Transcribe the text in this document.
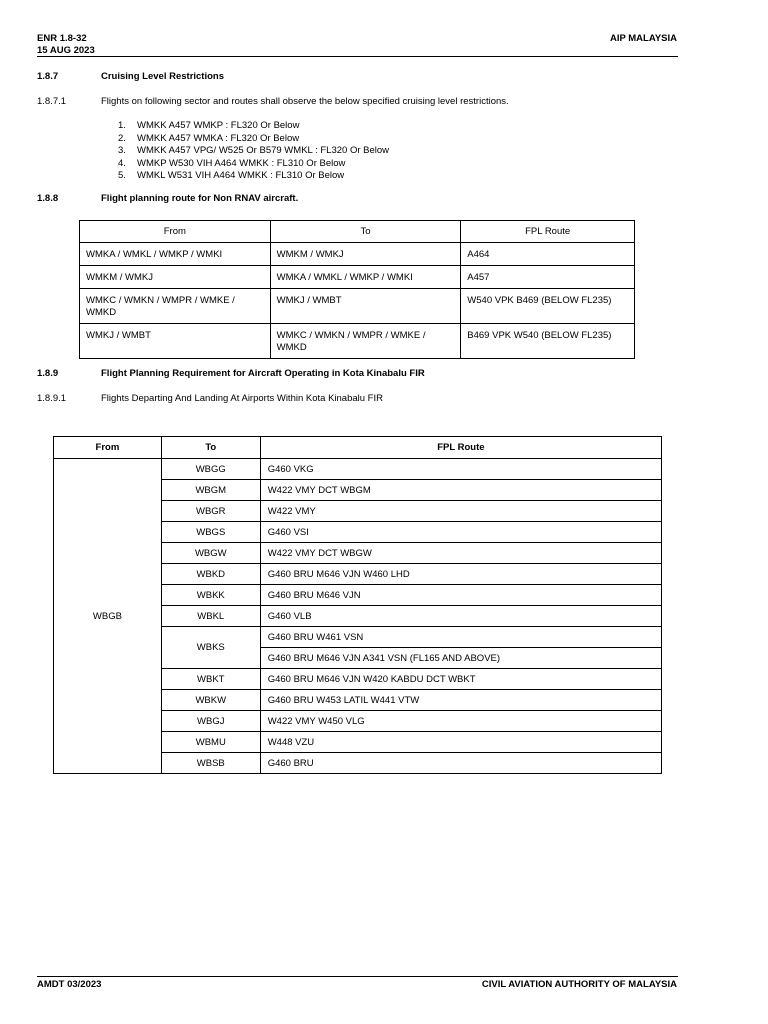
ENR 1.8-32
15 AUG 2023
AIP MALAYSIA
1.8.7	Cruising Level Restrictions
1.8.7.1	Flights on following sector and routes shall observe the below specified cruising level restrictions.
1. WMKK A457 WMKP : FL320 Or Below
2. WMKK A457 WMKA : FL320 Or Below
3. WMKK A457 VPG/ W525 Or B579 WMKL : FL320 Or Below
4. WMKP W530 VIH A464 WMKK : FL310 Or Below
5. WMKL W531 VIH A464 WMKK : FL310 Or Below
1.8.8	Flight planning route for Non RNAV aircraft.
From	To	FPL Route
WMKA / WMKL / WMKP / WMKI	WMKM / WMKJ	A464
WMKM / WMKJ	WMKA / WMKL / WMKP / WMKI	A457
WMKC / WMKN / WMPR / WMKE / WMKD	WMKJ / WMBT	W540 VPK B469 (BELOW FL235)
WMKJ / WMBT	WMKC / WMKN / WMPR / WMKE / WMKD	B469 VPK W540 (BELOW FL235)
1.8.9	Flight Planning Requirement for Aircraft Operating in Kota Kinabalu FIR
1.8.9.1	Flights Departing And Landing At Airports Within Kota Kinabalu FIR
From	To	FPL Route
WBGB	WBGG	G460 VKG
	WBGM	W422 VMY DCT WBGM
	WBGR	W422 VMY
	WBGS	G460 VSI
	WBGW	W422 VMY DCT WBGW
	WBKD	G460 BRU M646 VJN W460 LHD
	WBKK	G460 BRU M646 VJN
	WBKL	G460 VLB
	WBKS	G460 BRU W461 VSN
		G460 BRU M646 VJN A341 VSN (FL165 AND ABOVE)
	WBKT	G460 BRU M646 VJN W420 KABDU DCT WBKT
	WBKW	G460 BRU W453 LATIL W441 VTW
	WBGJ	W422 VMY W450 VLG
	WBMU	W448 VZU
	WBSB	G460 BRU
AMDT 03/2023	CIVIL AVIATION AUTHORITY OF MALAYSIA
